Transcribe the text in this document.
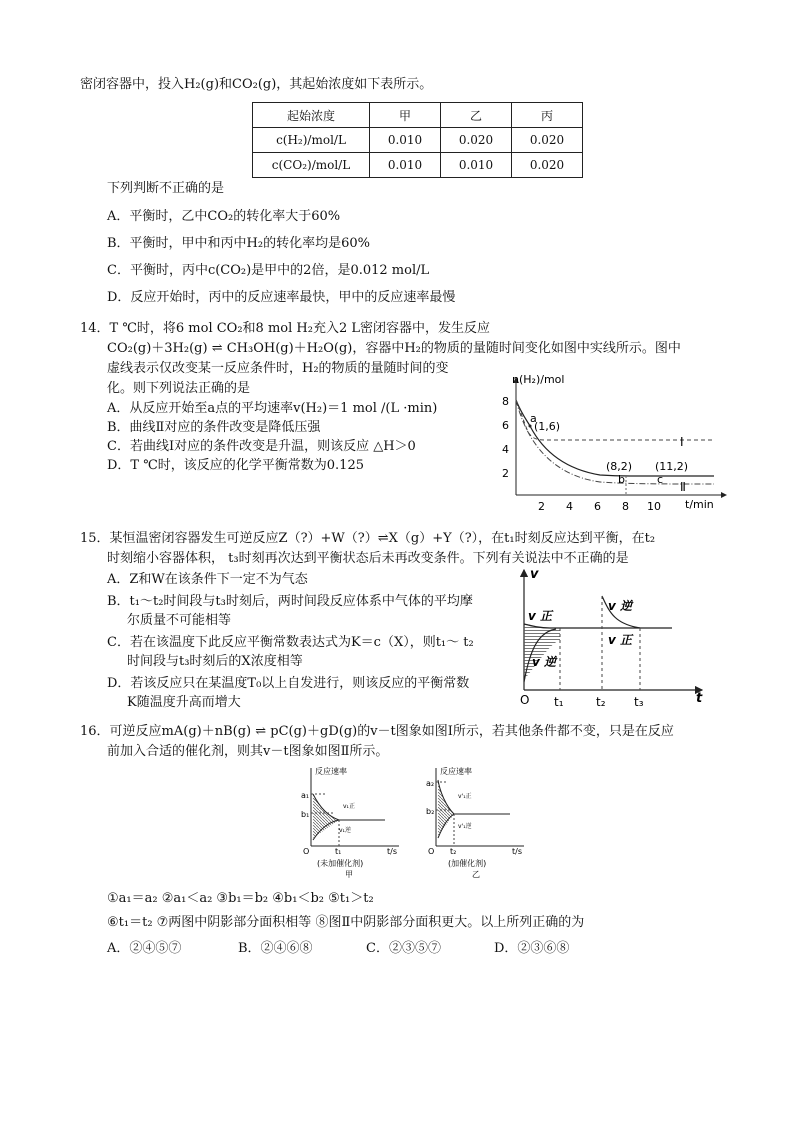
密闭容器中，投入H₂(g)和CO₂(g)，其起始浓度如下表所示。
起始浓度	甲	乙	丙
c(H₂)/mol/L	0.010	0.020	0.020
c(CO₂)/mol/L	0.010	0.010	0.020
下列判断不正确的是
A．平衡时，乙中CO₂的转化率大于60%
B．平衡时，甲中和丙中H₂的转化率均是60%
C．平衡时，丙中c(CO₂)是甲中的2倍，是0.012 mol/L
D．反应开始时，丙中的反应速率最快，甲中的反应速率最慢
14．T ℃时，将6 mol CO₂和8 mol H₂充入2 L密闭容器中，发生反应
CO₂(g)＋3H₂(g) ⇌ CH₃OH(g)＋H₂O(g)，容器中H₂的物质的量随时间变化如图中实线所示。图中
虚线表示仅改变某一反应条件时，H₂的物质的量随时间的变
化。则下列说法正确的是
A．从反应开始至a点的平均速率v(H₂)＝1 mol /(L ·min)
B．曲线Ⅱ对应的条件改变是降低压强
C．若曲线Ⅰ对应的条件改变是升温，则该反应 △H＞0
D．T ℃时，该反应的化学平衡常数为0.125
n(H₂)/mol
t/min
8
6
4
2
2 4 6 8 10
a
(1,6)
(8,2) (11,2)
b	c
Ⅰ
Ⅱ
15．某恒温密闭容器发生可逆反应Z（?）+W（?）⇌X（g）+Y（?），在t₁时刻反应达到平衡，在t₂
时刻缩小容器体积， t₃时刻再次达到平衡状态后未再改变条件。下列有关说法中不正确的是
A．Z和W在该条件下一定不为气态
B．t₁～t₂时间段与t₃时刻后，两时间段反应体系中气体的平均摩
尔质量不可能相等
C．若在该温度下此反应平衡常数表达式为K＝c（X），则t₁～ t₂
时间段与t₃时刻后的X浓度相等
D．若该反应只在某温度T₀以上自发进行，则该反应的平衡常数
K随温度升高而增大
v
t
O
v 正
v 逆
v 逆
v 正
t₁	t₂ t₃
16．可逆反应mA(g)＋nB(g) ⇌ pC(g)＋gD(g)的v－t图象如图Ⅰ所示，若其他条件都不变，只是在反应
前加入合适的催化剂，则其v－t图象如图Ⅱ所示。
反应速率
a₁
b₁
O
v₁正
v₁逆
t₁	t/s
(未加催化剂)
甲
反应速率
a₂
b₂
O
v'₁正
v'₁逆
t₂	t/s
(加催化剂)
乙
①a₁＝a₂ ②a₁＜a₂ ③b₁＝b₂ ④b₁＜b₂ ⑤t₁＞t₂
⑥t₁＝t₂ ⑦两图中阴影部分面积相等 ⑧图Ⅱ中阴影部分面积更大。以上所列正确的为
A．②④⑤⑦	B．②④⑥⑧	C．②③⑤⑦	D．②③⑥⑧
